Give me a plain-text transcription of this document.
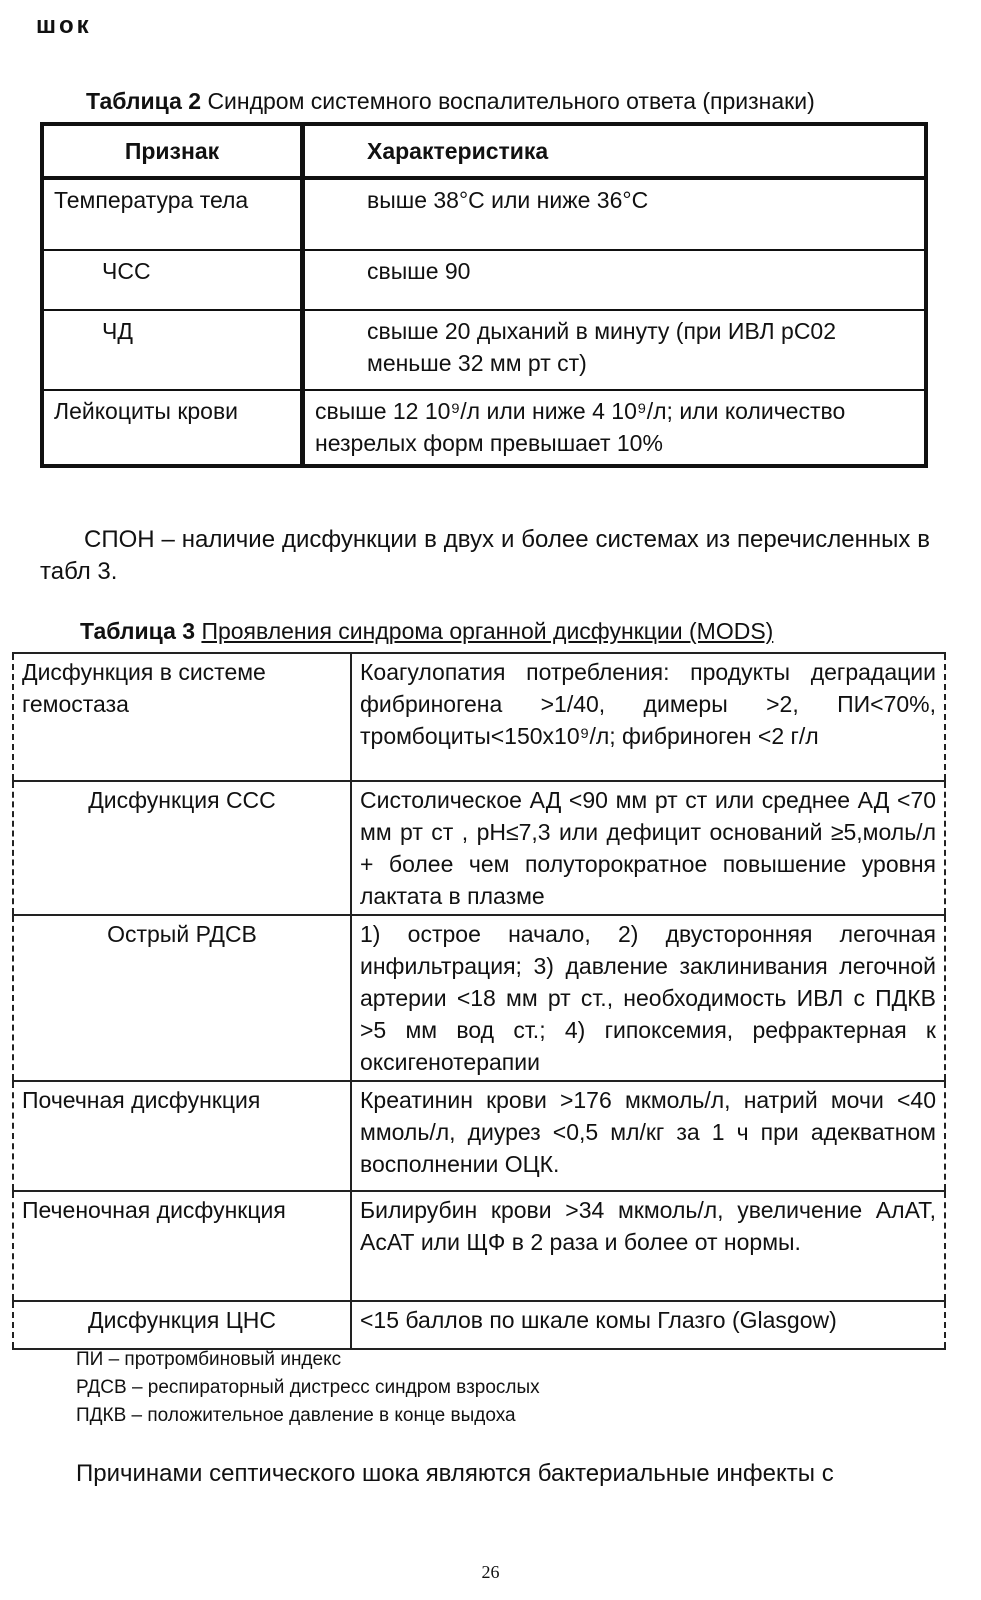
шок
Таблица 2 Синдром системного воспалительного ответа (признаки)
Признак	Характеристика
Температура тела	выше 38°С или ниже 36°С
ЧСС	свыше 90
ЧД	свыше 20 дыханий в минуту (при ИВЛ pC02 меньше 32 мм рт ст)
Лейкоциты крови	свыше 12 10⁹/л или ниже 4 10⁹/л; или количество незрелых форм превышает 10%
СПОН – наличие дисфункции в двух и более системах из перечисленных в табл 3.
Таблица 3 Проявления синдрома органной дисфункции (MODS)
Дисфункция в системе гемостаза	Коагулопатия потребления: продукты деградации фибриногена >1/40, димеры >2, ПИ<70%, тромбоциты<150х10⁹/л; фибриноген <2 г/л
Дисфункция ССС	Систолическое АД <90 мм рт ст или среднее АД <70 мм рт ст , pH≤7,3 или дефицит оснований ≥5,моль/л + более чем полуторократное повышение уровня лактата в плазме
Острый РДСВ	1) острое начало, 2) двусторонняя легочная инфильтрация; 3) давление заклинивания легочной артерии <18 мм рт ст., необходимость ИВЛ с ПДКВ >5 мм вод ст.; 4) гипоксемия, рефрактерная к оксигенотерапии
Почечная дисфункция	Креатинин крови >176 мкмоль/л, натрий мочи <40 ммоль/л, диурез <0,5 мл/кг за 1 ч при адекватном восполнении ОЦК.
Печеночная дисфункция	Билирубин крови >34 мкмоль/л, увеличение АлАТ, АсАТ или ЩФ в 2 раза и более от нормы.
Дисфункция ЦНС	<15 баллов по шкале комы Глазго (Glasgow)
ПИ – протромбиновый индекс
РДСВ – респираторный дистресс синдром взрослых
ПДКВ – положительное давление в конце выдоха
Причинами септического шока являются бактериальные инфекты с
26
